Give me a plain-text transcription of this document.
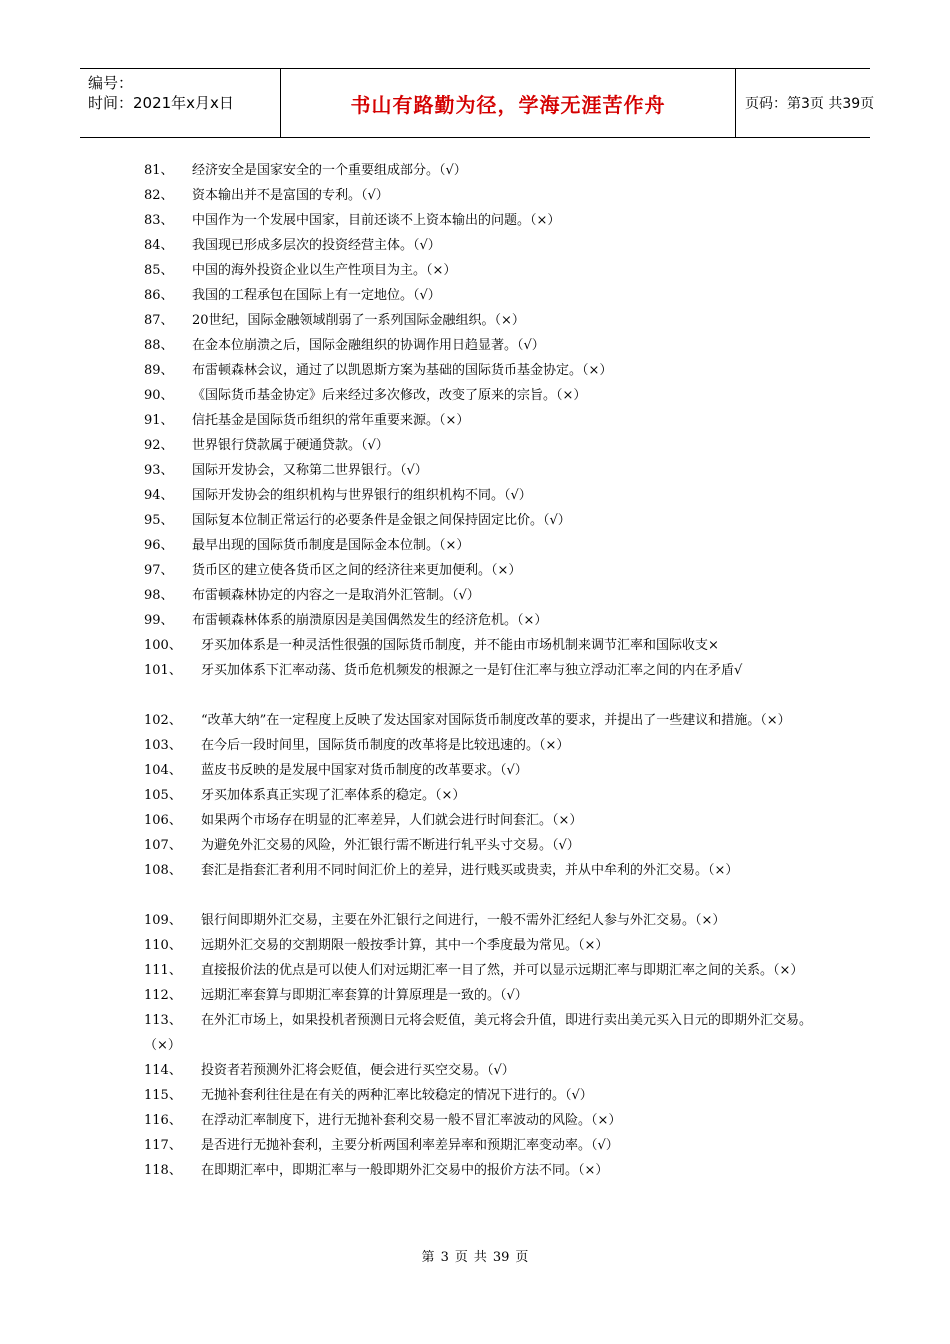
编号：
时间：2021年x月x日	书山有路勤为径，学海无涯苦作舟	页码：第3页 共39页
81、	经济安全是国家安全的一个重要组成部分。（√）
82、	资本输出并不是富国的专利。（√）
83、	中国作为一个发展中国家，目前还谈不上资本输出的问题。（×）
84、	我国现已形成多层次的投资经营主体。（√）
85、	中国的海外投资企业以生产性项目为主。（×）
86、	我国的工程承包在国际上有一定地位。（√）
87、	20世纪，国际金融领域削弱了一系列国际金融组织。（×）
88、	在金本位崩溃之后，国际金融组织的协调作用日趋显著。（√）
89、	布雷顿森林会议，通过了以凯恩斯方案为基础的国际货币基金协定。（×）
90、	《国际货币基金协定》后来经过多次修改，改变了原来的宗旨。（×）
91、	信托基金是国际货币组织的常年重要来源。（×）
92、	世界银行贷款属于硬通贷款。（√）
93、	国际开发协会，又称第二世界银行。（√）
94、	国际开发协会的组织机构与世界银行的组织机构不同。（√）
95、	国际复本位制正常运行的必要条件是金银之间保持固定比价。（√）
96、	最早出现的国际货币制度是国际金本位制。（×）
97、	货币区的建立使各货币区之间的经济往来更加便利。（×）
98、	布雷顿森林协定的内容之一是取消外汇管制。（√）
99、	布雷顿森林体系的崩溃原因是美国偶然发生的经济危机。（×）
100、	牙买加体系是一种灵活性很强的国际货币制度，并不能由市场机制来调节汇率和国际收支×
101、	牙买加体系下汇率动荡、货币危机频发的根源之一是钉住汇率与独立浮动汇率之间的内在矛盾√
102、 “改革大纳”在一定程度上反映了发达国家对国际货币制度改革的要求，并提出了一些建议和措施。（×）
103、	在今后一段时间里，国际货币制度的改革将是比较迅速的。（×）
104、	蓝皮书反映的是发展中国家对货币制度的改革要求。（√）
105、	牙买加体系真正实现了汇率体系的稳定。（×）
106、	如果两个市场存在明显的汇率差异，人们就会进行时间套汇。（×）
107、	为避免外汇交易的风险，外汇银行需不断进行轧平头寸交易。（√）
108、	套汇是指套汇者利用不同时间汇价上的差异，进行贱买或贵卖，并从中牟利的外汇交易。（×）
109、	银行间即期外汇交易，主要在外汇银行之间进行，一般不需外汇经纪人参与外汇交易。（×）
110、	远期外汇交易的交割期限一般按季计算，其中一个季度最为常见。（×）
111、 直接报价法的优点是可以使人们对远期汇率一目了然，并可以显示远期汇率与即期汇率之间的关系。（×）
112、	远期汇率套算与即期汇率套算的计算原理是一致的。（√）
113、 在外汇市场上，如果投机者预测日元将会贬值，美元将会升值，即进行卖出美元买入日元的即期外汇交易。（×）
114、	投资者若预测外汇将会贬值，便会进行买空交易。（√）
115、	无抛补套利往往是在有关的两种汇率比较稳定的情况下进行的。（√）
116、	在浮动汇率制度下，进行无抛补套利交易一般不冒汇率波动的风险。（×）
117、	是否进行无抛补套利，主要分析两国利率差异率和预期汇率变动率。（√）
118、	在即期汇率中，即期汇率与一般即期外汇交易中的报价方法不同。（×）
第 3 页 共 39 页
